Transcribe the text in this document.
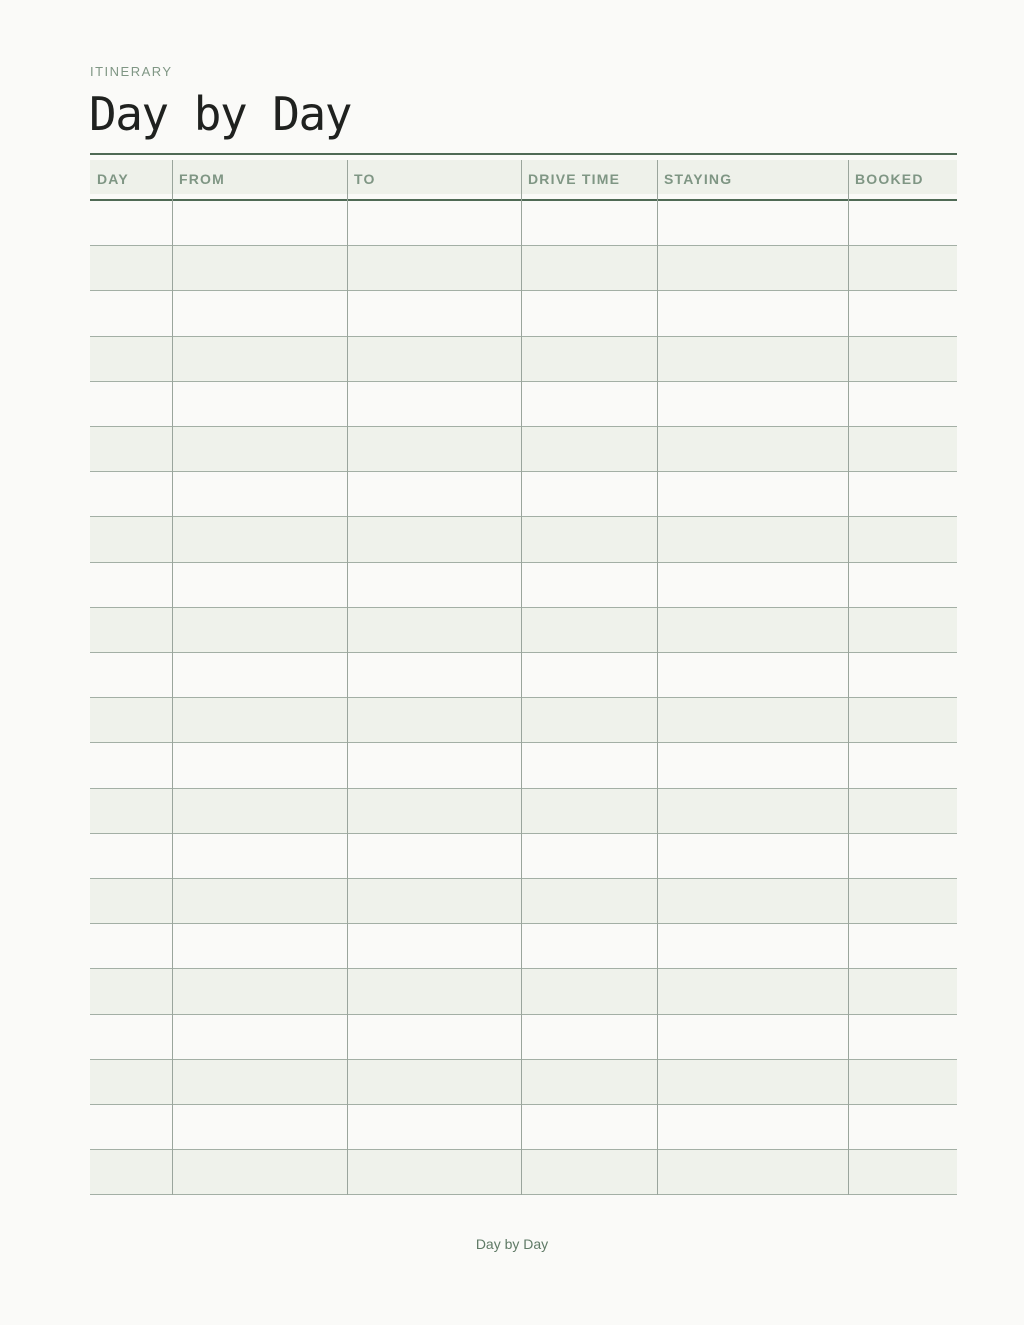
ITINERARY
Day by Day
DAY	FROM	TO	DRIVE TIME	STAYING	BOOKED
Day by Day
